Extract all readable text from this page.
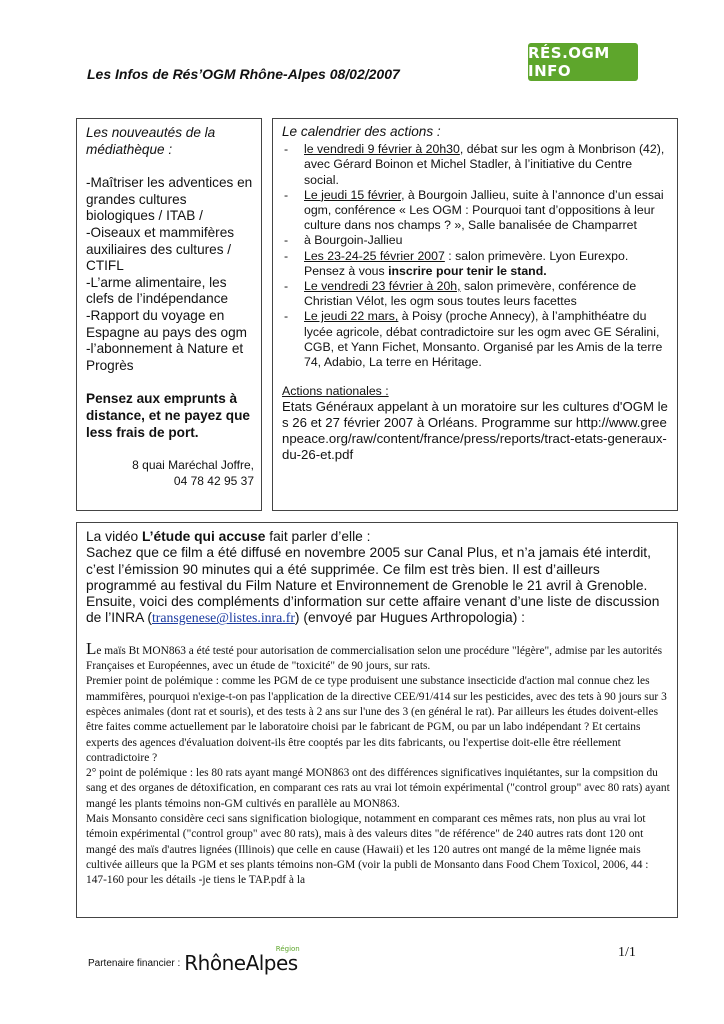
Les Infos de Rés’OGM Rhône-Alpes 08/02/2007
RÉS.OGM INFO
Les nouveautés de la médiathèque :
-Maîtriser les adventices en grandes cultures biologiques / ITAB /
-Oiseaux et mammifères auxiliaires des cultures / CTIFL
-L’arme alimentaire, les clefs de l’indépendance
-Rapport du voyage en Espagne au pays des ogm
-l’abonnement à Nature et Progrès
Pensez aux emprunts à distance, et ne payez que less frais de port.
8 quai Maréchal Joffre,
04 78 42 95 37
Le calendrier des actions :
- le vendredi 9 février à 20h30, débat sur les ogm à Monbrison (42), avec Gérard Boinon et Michel Stadler, à l’initiative du Centre social.
- Le jeudi 15 février, à Bourgoin Jallieu, suite à l’annonce d’un essai ogm, conférence « Les OGM : Pourquoi tant d’oppositions à leur culture dans nos champs ? », Salle banalisée de Champarret
- à Bourgoin-Jallieu
- Les 23-24-25 février 2007 : salon primevère. Lyon Eurexpo. Pensez à vous inscrire pour tenir le stand.
- Le vendredi 23 février à 20h, salon primevère, conférence de Christian Vélot, les ogm sous toutes leurs facettes
- Le jeudi 22 mars, à Poisy (proche Annecy), à l’amphithéatre du lycée agricole, débat contradictoire sur les ogm avec GE Séralini, CGB, et Yann Fichet, Monsanto. Organisé par les Amis de la terre 74, Adabio, La terre en Héritage.
Actions nationales :
Etats Généraux appelant à un moratoire sur les cultures d'OGM les 26 et 27 février 2007 à Orléans. Programme sur http://www.greenpeace.org/raw/content/france/press/reports/tract-etats-generaux-du-26-et.pdf
La vidéo L’étude qui accuse fait parler d’elle :
Sachez que ce film a été diffusé en novembre 2005 sur Canal Plus, et n’a jamais été interdit, c’est l’émission 90 minutes qui a été supprimée. Ce film est très bien. Il est d’ailleurs programmé au festival du Film Nature et Environnement de Grenoble le 21 avril à Grenoble.
Ensuite, voici des compléments d’information sur cette affaire venant d’une liste de discussion de l’INRA (transgenese@listes.inra.fr) (envoyé par Hugues Arthropologia) :
Le maïs Bt MON863 a été testé pour autorisation de commercialisation selon une procédure "légère", admise par les autorités Françaises et Européennes, avec un étude de "toxicité" de 90 jours, sur rats.
Premier point de polémique : comme les PGM de ce type produisent une substance insecticide d'action mal connue chez les mammifères, pourquoi n'exige-t-on pas l'application de la directive CEE/91/414 sur les pesticides, avec des tets à 90 jours sur 3 espèces animales (dont rat et souris), et des tests à 2 ans sur l'une des 3 (en général le rat). Par ailleurs les études doivent-elles être faites comme actuellement par le laboratoire choisi par le fabricant de PGM, ou par un labo indépendant ? Et certains experts des agences d'évaluation doivent-ils être cooptés par les dits fabricants, ou l'expertise doit-elle être réellement contradictoire ?
2° point de polémique : les 80 rats ayant mangé MON863 ont des différences significatives inquiétantes, sur la compsition du sang et des organes de détoxification, en comparant ces rats au vrai lot témoin expérimental ("control group" avec 80 rats) ayant mangé les plants témoins non-GM cultivés en parallèle au MON863.
Mais Monsanto considère ceci sans signification biologique, notamment en comparant ces mêmes rats, non plus au vrai lot témoin expérimental ("control group" avec 80 rats), mais à des valeurs dites "de référence" de 240 autres rats dont 120 ont mangé des maïs d'autres lignées (Illinois) que celle en cause (Hawaii) et les 120 autres ont mangé de la même lignée mais cultivée ailleurs que la PGM et ses plants témoins non-GM (voir la publi de Monsanto dans Food Chem Toxicol, 2006, 44 : 147-160 pour les détails -je tiens le TAP.pdf à la
Partenaire financier : RhôneAlpes
Région	1/1
